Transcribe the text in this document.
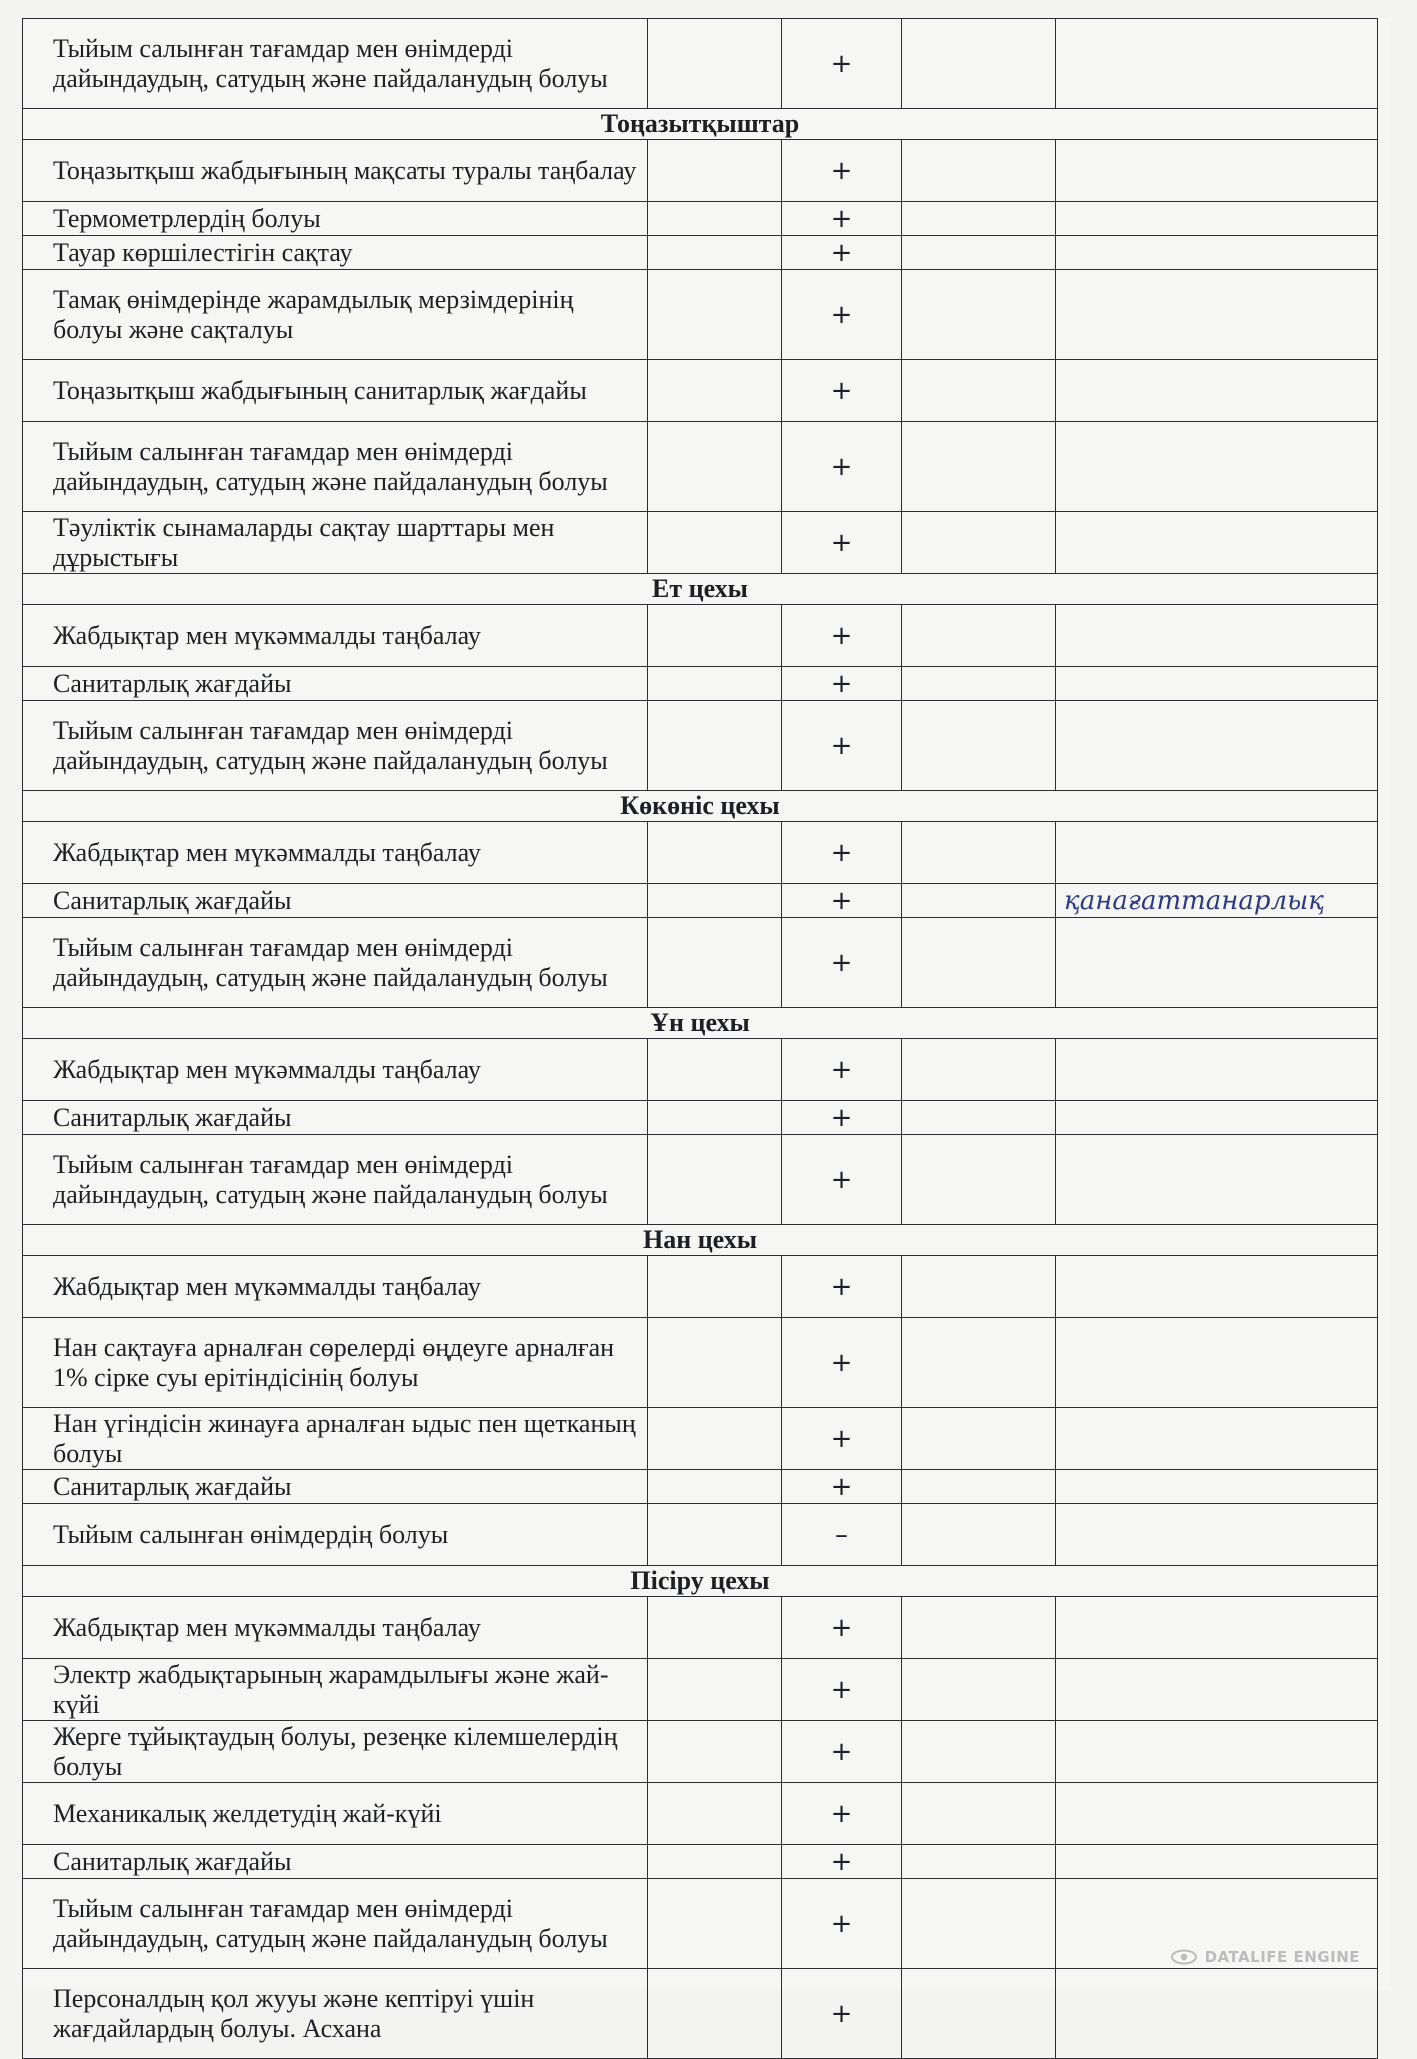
Тыйым салынған тағамдар мен өнімдерді дайындаудың, сатудың және пайдаланудың болуы		+		
Тоңазытқыштар				
Тоңазытқыш жабдығының мақсаты туралы таңбалау		+		
Термометрлердің болуы		+		
Тауар көршілестігін сақтау		+		
Тамақ өнімдерінде жарамдылық мерзімдерінің болуы және сақталуы		+		
Тоңазытқыш жабдығының санитарлық жағдайы		+		
Тыйым салынған тағамдар мен өнімдерді дайындаудың, сатудың және пайдаланудың болуы		+		
Тәуліктік сынамаларды сақтау шарттары мен дұрыстығы		+		
Ет цехы				
Жабдықтар мен мүкәммалды таңбалау		+		
Санитарлық жағдайы		+		
Тыйым салынған тағамдар мен өнімдерді дайындаудың, сатудың және пайдаланудың болуы		+		
Көкөніс цехы				
Жабдықтар мен мүкәммалды таңбалау		+		
Санитарлық жағдайы		+		қанағаттанарлық
Тыйым салынған тағамдар мен өнімдерді дайындаудың, сатудың және пайдаланудың болуы		+		
Ұн цехы				
Жабдықтар мен мүкәммалды таңбалау		+		
Санитарлық жағдайы		+		
Тыйым салынған тағамдар мен өнімдерді дайындаудың, сатудың және пайдаланудың болуы		+		
Нан цехы				
Жабдықтар мен мүкәммалды таңбалау		+		
Нан сақтауға арналған сөрелерді өңдеуге арналған 1% сірке суы ерітіндісінің болуы		+		
Нан үгіндісін жинауға арналған ыдыс пен щетканың болуы		+		
Санитарлық жағдайы		+		
Тыйым салынған өнімдердің болуы		–		
Пісіру цехы				
Жабдықтар мен мүкәммалды таңбалау		+		
Электр жабдықтарының жарамдылығы және жай-күйі		+		
Жерге тұйықтаудың болуы, резеңке кілемшелердің болуы		+		
Механикалық желдетудің жай-күйі		+		
Санитарлық жағдайы		+		
Тыйым салынған тағамдар мен өнімдерді дайындаудың, сатудың және пайдаланудың болуы		+		
Персоналдың қол жууы және кептіруі үшін жағдайлардың болуы. Асхана		+		
DATALIFE ENGINE
